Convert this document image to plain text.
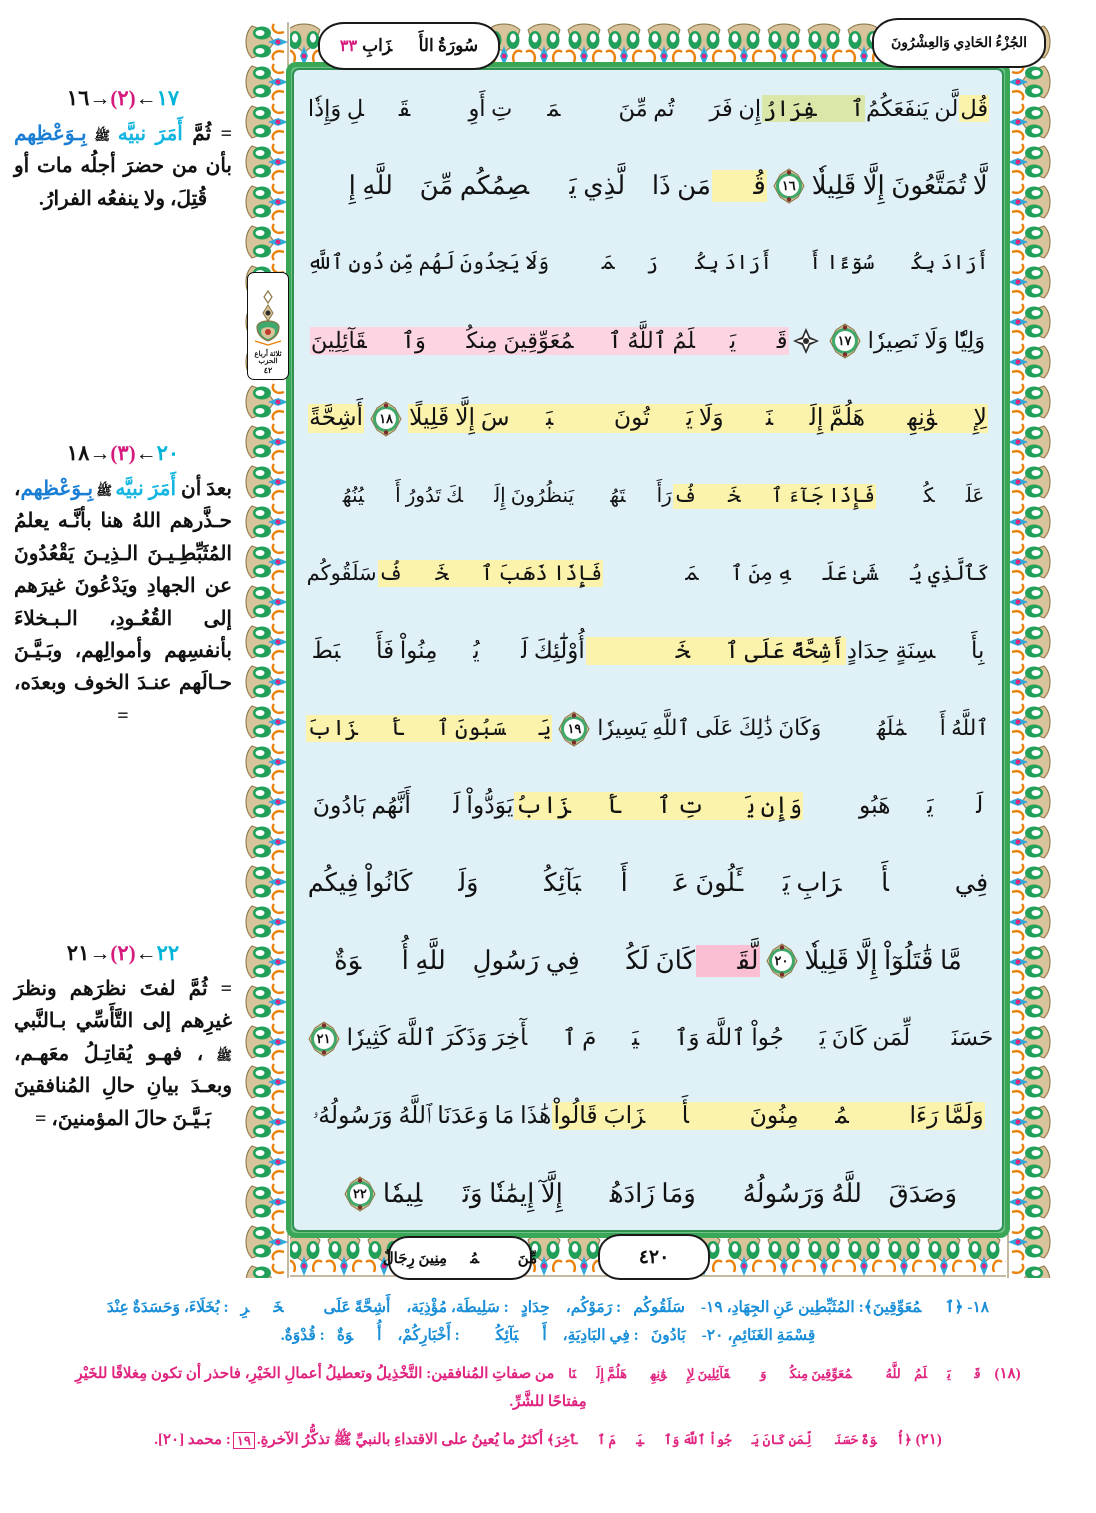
سُورَةُ الأَحۡزَابِ
٣٣	الجُزْءُ الحَادِي وَالعِشْرُونَ
ثلاثة أرباع الحزب
٤٢
قُل
لَّن يَنفَعَكُمُ
ٱلۡفِرَارُ
إِن فَرَرۡتُم مِّنَ ٱلۡمَوۡتِ أَوِ ٱلۡقَتۡلِ وَإِذٗا
لَّا تُمَتَّعُونَ إِلَّا قَلِيلٗا
١٦
قُلۡ
مَن ذَا ٱلَّذِي يَعۡصِمُكُم مِّنَ ٱللَّهِ إِنۡ
أَرَادَ بِكُمۡ سُوٓءًا أَوۡ أَرَادَ بِكُمۡ رَحۡمَةٗۚ وَلَا يَجِدُونَ لَهُم مِّن دُونِ ٱللَّهِ
وَلِيّٗا وَلَا نَصِيرٗا
١٧
قَدۡ يَعۡلَمُ ٱللَّهُ ٱلۡمُعَوِّقِينَ مِنكُمۡ وَٱلۡقَآئِلِينَ
لِإِخۡوَٰنِهِمۡ هَلُمَّ إِلَيۡنَاۖ وَلَا يَأۡتُونَ ٱلۡبَأۡسَ إِلَّا قَلِيلًا
١٨
أَشِحَّةً
عَلَيۡكُمۡۖ
فَإِذَا جَآءَ ٱلۡخَوۡفُ
رَأَيۡتَهُمۡ يَنظُرُونَ إِلَيۡكَ تَدُورُ أَعۡيُنُهُمۡ
كَٱلَّذِي يُغۡشَىٰ عَلَيۡهِ مِنَ ٱلۡمَوۡتِۖ
فَإِذَا ذَهَبَ ٱلۡخَوۡفُ
سَلَقُوكُم
بِأَلۡسِنَةٍ حِدَادٍ
أَشِحَّةً عَلَى ٱلۡخَيۡرِۚ
أُوْلَٰٓئِكَ لَمۡ يُؤۡمِنُواْ فَأَحۡبَطَ
ٱللَّهُ أَعۡمَٰلَهُمۡۚ وَكَانَ ذَٰلِكَ عَلَى ٱللَّهِ يَسِيرٗا
١٩
يَحۡسَبُونَ ٱلۡأَحۡزَابَ
لَمۡ يَذۡهَبُواْۖ
وَإِن يَأۡتِ ٱلۡأَحۡزَابُ
يَوَدُّواْ لَوۡ أَنَّهُم بَادُونَ
فِي ٱلۡأَعۡرَابِ يَسۡـَٔلُونَ عَنۡ أَنۢبَآئِكُمۡۖ وَلَوۡ كَانُواْ فِيكُم
مَّا قَٰتَلُوٓاْ إِلَّا قَلِيلٗا
٢٠
لَّقَدۡ
كَانَ لَكُمۡ فِي رَسُولِ ٱللَّهِ أُسۡوَةٌ
حَسَنَةٞ لِّمَن كَانَ يَرۡجُواْ ٱللَّهَ وَٱلۡيَوۡمَ ٱلۡأٓخِرَ وَذَكَرَ ٱللَّهَ كَثِيرٗا
٢١
وَلَمَّا رَءَا ٱلۡمُؤۡمِنُونَ ٱلۡأَحۡزَابَ قَالُواْ
هَٰذَا مَا وَعَدَنَا ٱللَّهُ وَرَسُولُهُۥ
وَصَدَقَ ٱللَّهُ وَرَسُولُهُۥۚ وَمَا زَادَهُمۡ إِلَّآ إِيمَٰنٗا وَتَسۡلِيمٗا
٢٢
١٧←(٢)→١٦
= ثُمَّ أَمَرَ نبيَّه ﷺ بِـوَعْظِهم بأن من حضرَ أجلُه مات أو قُتِلَ، ولا ينفعُه الفرارُ.
٢٠←(٣)→١٨
بعدَ أن أَمَرَ نبيَّه ﷺ بِـوَعْظِهم، حـذَّرهم اللهُ هنا بأنَّـه يعلمُ المُثَبِّطِـيـنَ الـذِيـنَ يَقْعُدُونَ عن الجهادِ ويَدْعُونَ غيرَهم إلى القُعُـودِ، الـبـخلاءَ بأنفسِهم وأموالِهم، وبَـيَّـنَ حـالَهم عنـدَ الخوف وبعدَه، =
٢٢←(٢)→٢١
= ثُمَّ لفتَ نظرَهم ونظرَ غيرِهم إلى التَّأَسِّي بـالنَّبي ﷺ ، فهـو يُقاتِـلُ معَهـم، وبعـدَ بيانِ حالِ المُنافقينَ بَـيَّـنَ حالَ المؤمنينَ، =
مِّنَ ٱلۡمُؤۡمِنِينَ رِجَالٌ	٤٢٠
١٨- ﴿ٱلۡمُعَوِّقِينَ﴾: المُثَبِّطِين عَنِ الجِهَادِ، ١٩- ﴿سَلَقُوكُم﴾: رَمَوْكُم، ﴿حِدَادٍ﴾: سَلِيطَة، مُؤْذِيَة، ﴿أَشِحَّةً عَلَى ٱلۡخَيۡرِ﴾: بُخَلَاءَ، وَحَسَدَةٌ عِنْدَ
قِسْمَةِ الغَنَائِمِ، ٢٠- ﴿بَادُونَ﴾: فِي البَادِيَةِ، ﴿أَنۢبَآئِكُمۡ﴾: أَخْبَارِكُمْ، ﴿أُسۡوَةٌ﴾: قُدْوَةٌ.
(١٨) ﴿قَدۡ يَعۡلَمُ ٱللَّهُ ٱلۡمُعَوِّقِينَ مِنكُمۡ وَٱلۡقَآئِلِينَ لِإِخۡوَٰنِهِمۡ هَلُمَّ إِلَيۡنَا﴾ من صفاتِ المُنافقين: التَّخْذِيلُ وتعطيلُ أعمالِ الخَيْرِ، فاحذر أن تكون مِغلاقًا للخَيْرِ
مِفتاحًا للشَّرِّ.
(٢١) ﴿أُسۡوَةٌ حَسَنَةٞ لِّمَن كَانَ يَرۡجُواْ ٱللَّهَ وَٱلۡيَوۡمَ ٱلۡأٓخِرَ﴾ أكثرُ ما يُعينُ على الاقتداءِ بالنبيِّ ﷺ تذكُّرُ الآخرةِ.١٩: محمد [٢٠].
